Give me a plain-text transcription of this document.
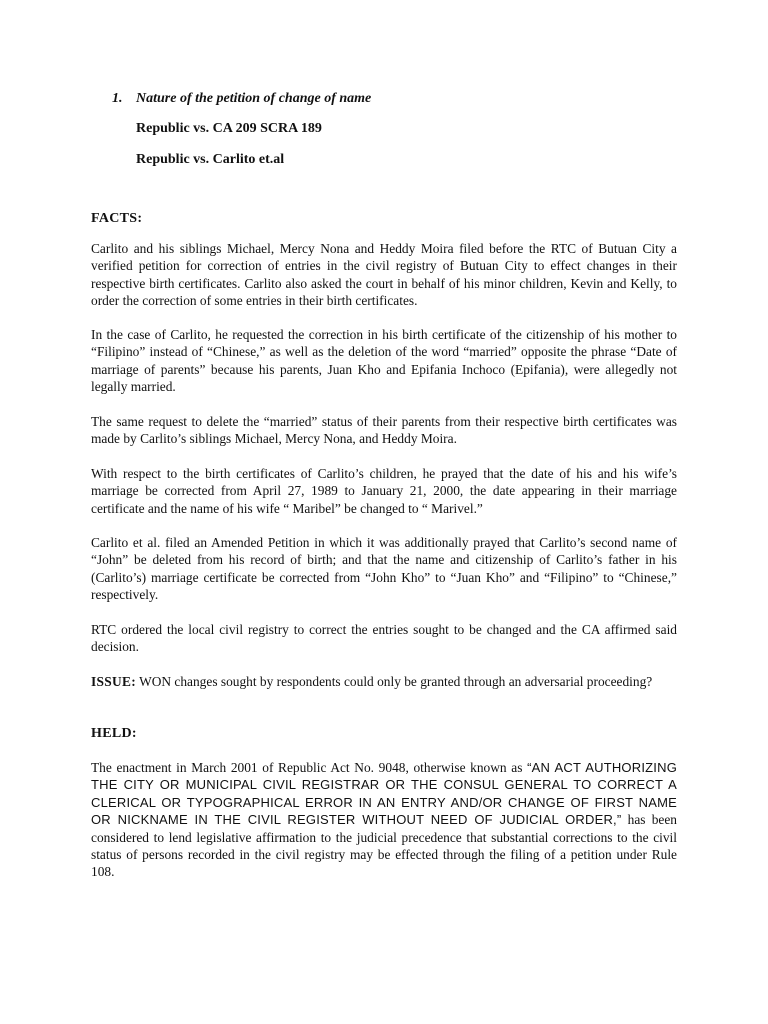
1. Nature of the petition of change of name
Republic vs. CA 209 SCRA 189
Republic vs. Carlito et.al
FACTS:

Carlito and his siblings Michael, Mercy Nona and Heddy Moira filed before the RTC of Butuan City a verified petition for correction of entries in the civil registry of Butuan City to effect changes in their respective birth certificates. Carlito also asked the court in behalf of his minor children, Kevin and Kelly, to order the correction of some entries in their birth certificates.

In the case of Carlito, he requested the correction in his birth certificate of the citizenship of his mother to “Filipino” instead of “Chinese,” as well as the deletion of the word “married” opposite the phrase “Date of marriage of parents” because his parents, Juan Kho and Epifania Inchoco (Epifania), were allegedly not legally married.

The same request to delete the “married” status of their parents from their respective birth certificates was made by Carlito’s siblings Michael, Mercy Nona, and Heddy Moira.

With respect to the birth certificates of Carlito’s children, he prayed that the date of his and his wife’s marriage be corrected from April 27, 1989 to January 21, 2000, the date appearing in their marriage certificate and the name of his wife “ Maribel” be changed to “ Marivel.”

Carlito et al. filed an Amended Petition in which it was additionally prayed that Carlito’s second name of “John” be deleted from his record of birth; and that the name and citizenship of Carlito’s father in his (Carlito’s) marriage certificate be corrected from “John Kho” to “Juan Kho” and “Filipino” to “Chinese,” respectively.

RTC ordered the local civil registry to correct the entries sought to be changed and the CA affirmed said decision.

ISSUE: WON changes sought by respondents could only be granted through an adversarial proceeding?

HELD:

The enactment in March 2001 of Republic Act No. 9048, otherwise known as “AN ACT AUTHORIZING THE CITY OR MUNICIPAL CIVIL REGISTRAR OR THE CONSUL GENERAL TO CORRECT A CLERICAL OR TYPOGRAPHICAL ERROR IN AN ENTRY AND/OR CHANGE OF FIRST NAME OR NICKNAME IN THE CIVIL REGISTER WITHOUT NEED OF JUDICIAL ORDER,” has been considered to lend legislative affirmation to the judicial precedence that substantial corrections to the civil status of persons recorded in the civil registry may be effected through the filing of a petition under Rule 108.
